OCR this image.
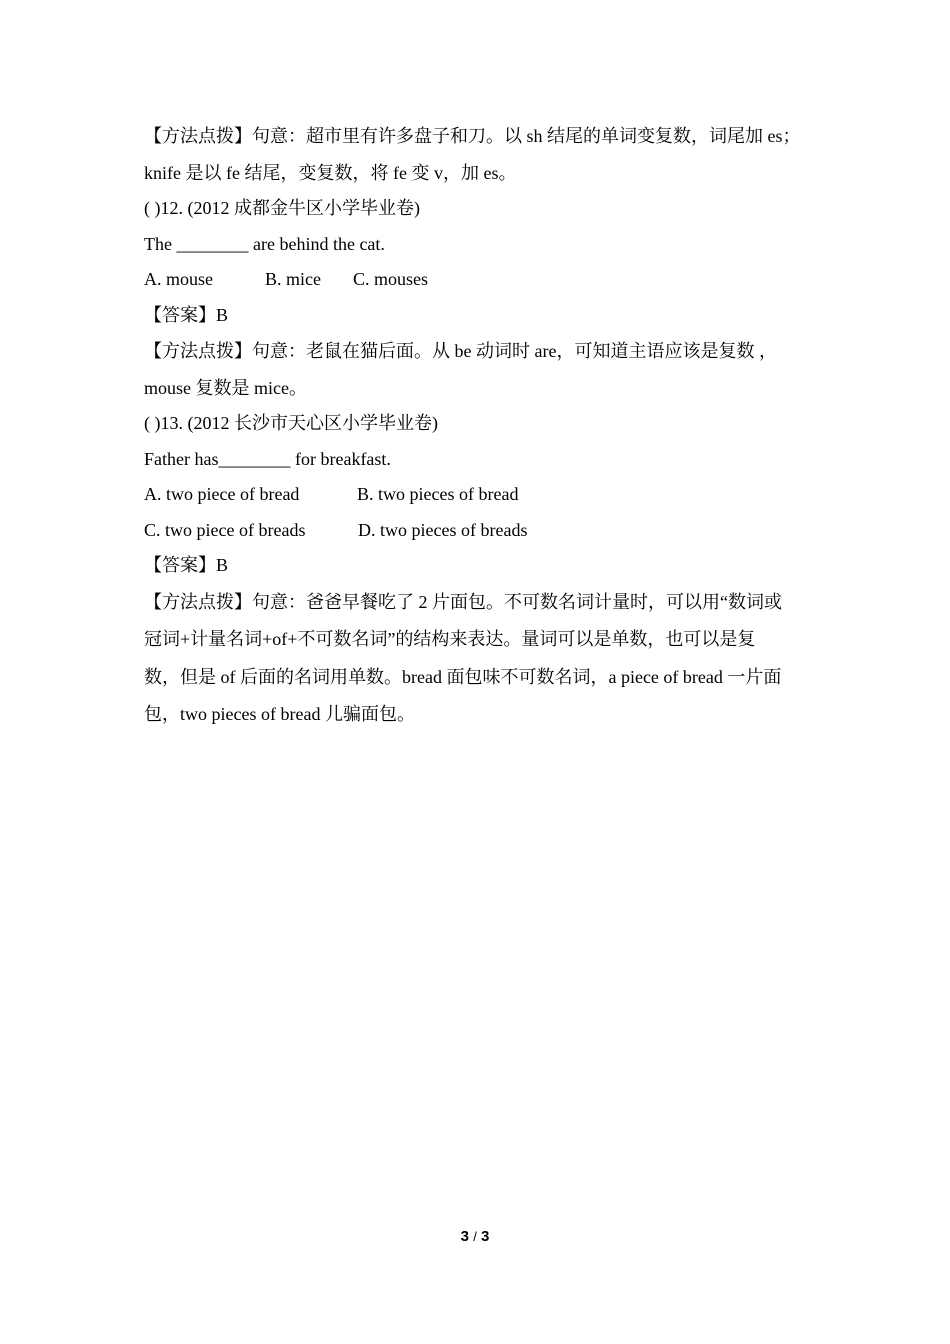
【方法点拨】句意：超市里有许多盘子和刀。以 sh 结尾的单词变复数，词尾加 es；
knife 是以 fe 结尾，变复数，将 fe 变 v，加 es。
( )12. (2012 成都金牛区小学毕业卷)
The ________ are behind the cat.
A. mouse	B. mice C. mouses
【答案】B
【方法点拨】句意：老鼠在猫后面。从 be 动词时 are，可知道主语应该是复数 ，
mouse 复数是 mice。
( )13. (2012 长沙市天心区小学毕业卷)
Father has________ for breakfast.
A. two piece of bread	B. two pieces of bread
C. two piece of breads	D. two pieces of breads
【答案】B
【方法点拨】句意：爸爸早餐吃了 2 片面包。不可数名词计量时，可以用“数词或
冠词+计量名词+of+不可数名词”的结构来表达。量词可以是单数，也可以是复
数，但是 of 后面的名词用单数。bread 面包味不可数名词，a piece of bread 一片面
包，two pieces of bread 儿骗面包。
3 / 3
